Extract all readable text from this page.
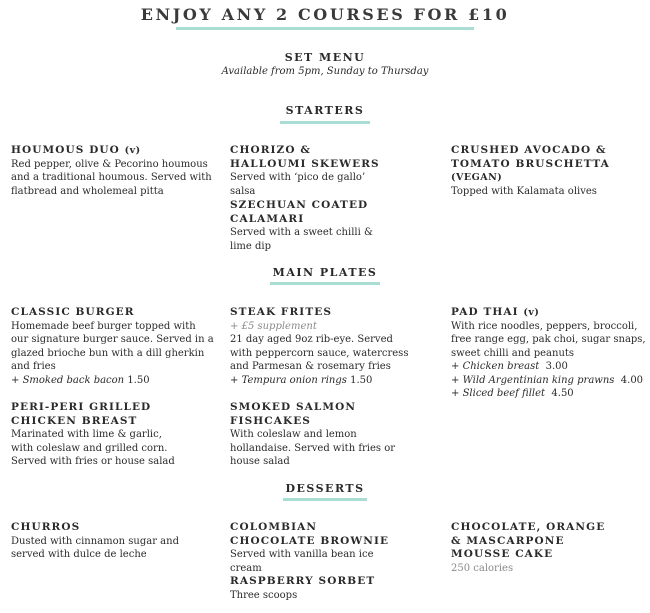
ENJOY ANY 2 COURSES FOR £10
SET MENU
Available from 5pm, Sunday to Thursday
STARTERS
HOUMOUS DUO (v)
Red pepper, olive & Pecorino houmous and a traditional houmous. Served with flatbread and wholemeal pitta
CHORIZO & HALLOUMI SKEWERS
Served with ‘pico de gallo’ salsa
CRUSHED AVOCADO & TOMATO BRUSCHETTA (VEGAN)
Topped with Kalamata olives
SZECHUAN COATED CALAMARI
Served with a sweet chilli & lime dip
MAIN PLATES
CLASSIC BURGER
Homemade beef burger topped with our signature burger sauce. Served in a glazed brioche bun with a dill gherkin and fries
+ Smoked back bacon 1.50
STEAK FRITES
+ £5 supplement
21 day aged 9oz rib-eye. Served with peppercorn sauce, watercress and Parmesan & rosemary fries
+ Tempura onion rings 1.50
PAD THAI (v)
With rice noodles, peppers, broccoli, free range egg, pak choi, sugar snaps, sweet chilli and peanuts
+ Chicken breast 3.00
+ Wild Argentinian king prawns 4.00
+ Sliced beef fillet 4.50
PERI-PERI GRILLED CHICKEN BREAST
Marinated with lime & garlic, with coleslaw and grilled corn. Served with fries or house salad
SMOKED SALMON FISHCAKES
With coleslaw and lemon hollandaise. Served with fries or house salad
DESSERTS
CHURROS
Dusted with cinnamon sugar and served with dulce de leche
COLOMBIAN CHOCOLATE BROWNIE
Served with vanilla bean ice cream
CHOCOLATE, ORANGE & MASCARPONE MOUSSE CAKE
250 calories
RASPBERRY SORBET
Three scoops
